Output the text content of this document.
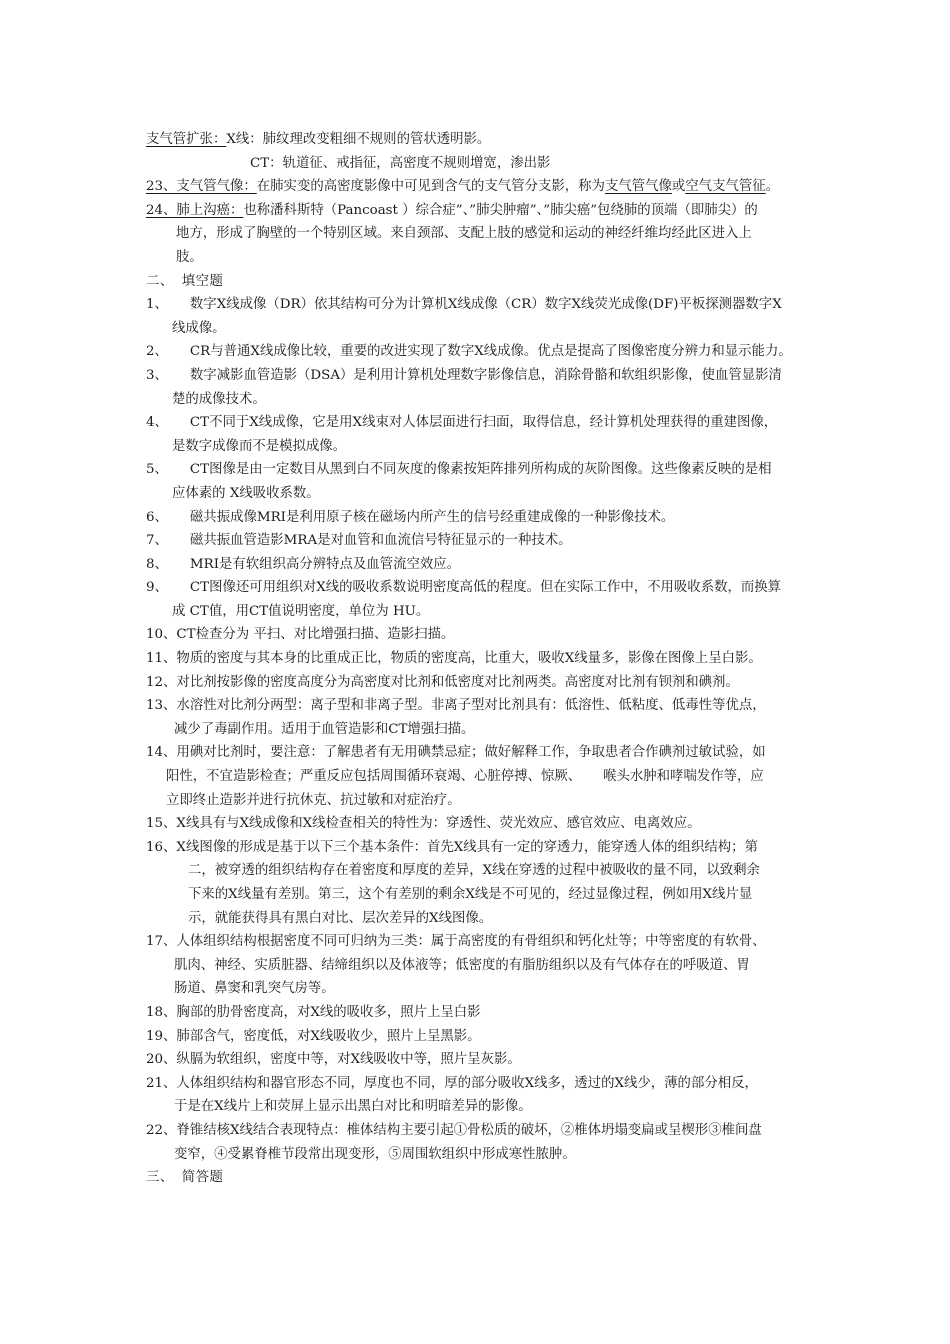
支气管扩张：X线：肺纹理改变粗细不规则的管状透明影。
CT：轨道征、戒指征，高密度不规则增宽，渗出影
23、支气管气像：在肺实变的高密度影像中可见到含气的支气管分支影，称为支气管气像或空气支气管征。
24、肺上沟癌：也称潘科斯特（Pancoast ）综合症”、”肺尖肿瘤”、”肺尖癌”包绕肺的顶端（即肺尖）的
地方，形成了胸壁的一个特别区域。来自颈部、支配上肢的感觉和运动的神经纤维均经此区进入上
肢。
二、 填空题
1、 数字X线成像（DR）依其结构可分为计算机X线成像（CR）数字X线荧光成像(DF)平板探测器数字X
线成像。
2、 CR与普通X线成像比较，重要的改进实现了数字X线成像。优点是提高了图像密度分辨力和显示能力。
3、 数字减影血管造影（DSA）是利用计算机处理数字影像信息，消除骨骼和软组织影像，使血管显影清
楚的成像技术。
4、 CT不同于X线成像，它是用X线束对人体层面进行扫面，取得信息，经计算机处理获得的重建图像，
是数字成像而不是模拟成像。
5、 CT图像是由一定数目从黑到白不同灰度的像素按矩阵排列所构成的灰阶图像。这些像素反映的是相
应体素的 X线吸收系数。
6、 磁共振成像MRI是利用原子核在磁场内所产生的信号经重建成像的一种影像技术。
7、 磁共振血管造影MRA是对血管和血流信号特征显示的一种技术。
8、 MRI是有软组织高分辨特点及血管流空效应。
9、 CT图像还可用组织对X线的吸收系数说明密度高低的程度。但在实际工作中，不用吸收系数，而换算
成 CT值，用CT值说明密度，单位为 HU。
10、CT检查分为 平扫、对比增强扫描、造影扫描。
11、物质的密度与其本身的比重成正比，物质的密度高，比重大，吸收X线量多，影像在图像上呈白影。
12、对比剂按影像的密度高度分为高密度对比剂和低密度对比剂两类。高密度对比剂有钡剂和碘剂。
13、水溶性对比剂分两型：离子型和非离子型。非离子型对比剂具有：低溶性、低粘度、低毒性等优点，
减少了毒副作用。适用于血管造影和CT增强扫描。
14、用碘对比剂时，要注意：了解患者有无用碘禁忌症；做好解释工作，争取患者合作碘剂过敏试验，如
阳性，不宜造影检查；严重反应包括周围循环衰竭、心脏停搏、惊厥、 喉头水肿和哮喘发作等，应
立即终止造影并进行抗休克、抗过敏和对症治疗。
15、X线具有与X线成像和X线检查相关的特性为：穿透性、荧光效应、感官效应、电离效应。
16、X线图像的形成是基于以下三个基本条件：首先X线具有一定的穿透力，能穿透人体的组织结构；第
二，被穿透的组织结构存在着密度和厚度的差异，X线在穿透的过程中被吸收的量不同，以致剩余
下来的X线量有差别。第三，这个有差别的剩余X线是不可见的，经过显像过程，例如用X线片显
示，就能获得具有黑白对比、层次差异的X线图像。
17、人体组织结构根据密度不同可归纳为三类：属于高密度的有骨组织和钙化灶等；中等密度的有软骨、
肌肉、神经、实质脏器、结缔组织以及体液等；低密度的有脂肪组织以及有气体存在的呼吸道、胃
肠道、鼻窦和乳突气房等。
18、胸部的肋骨密度高，对X线的吸收多，照片上呈白影
19、肺部含气，密度低，对X线吸收少，照片上呈黑影。
20、纵膈为软组织，密度中等，对X线吸收中等，照片呈灰影。
21、人体组织结构和器官形态不同，厚度也不同，厚的部分吸收X线多，透过的X线少，薄的部分相反，
于是在X线片上和荧屏上显示出黑白对比和明暗差异的影像。
22、脊锥结核X线结合表现特点：椎体结构主要引起①骨松质的破坏，②椎体坍塌变扁或呈楔形③椎间盘
变窄，④受累脊椎节段常出现变形，⑤周围软组织中形成寒性脓肿。
三、 简答题
